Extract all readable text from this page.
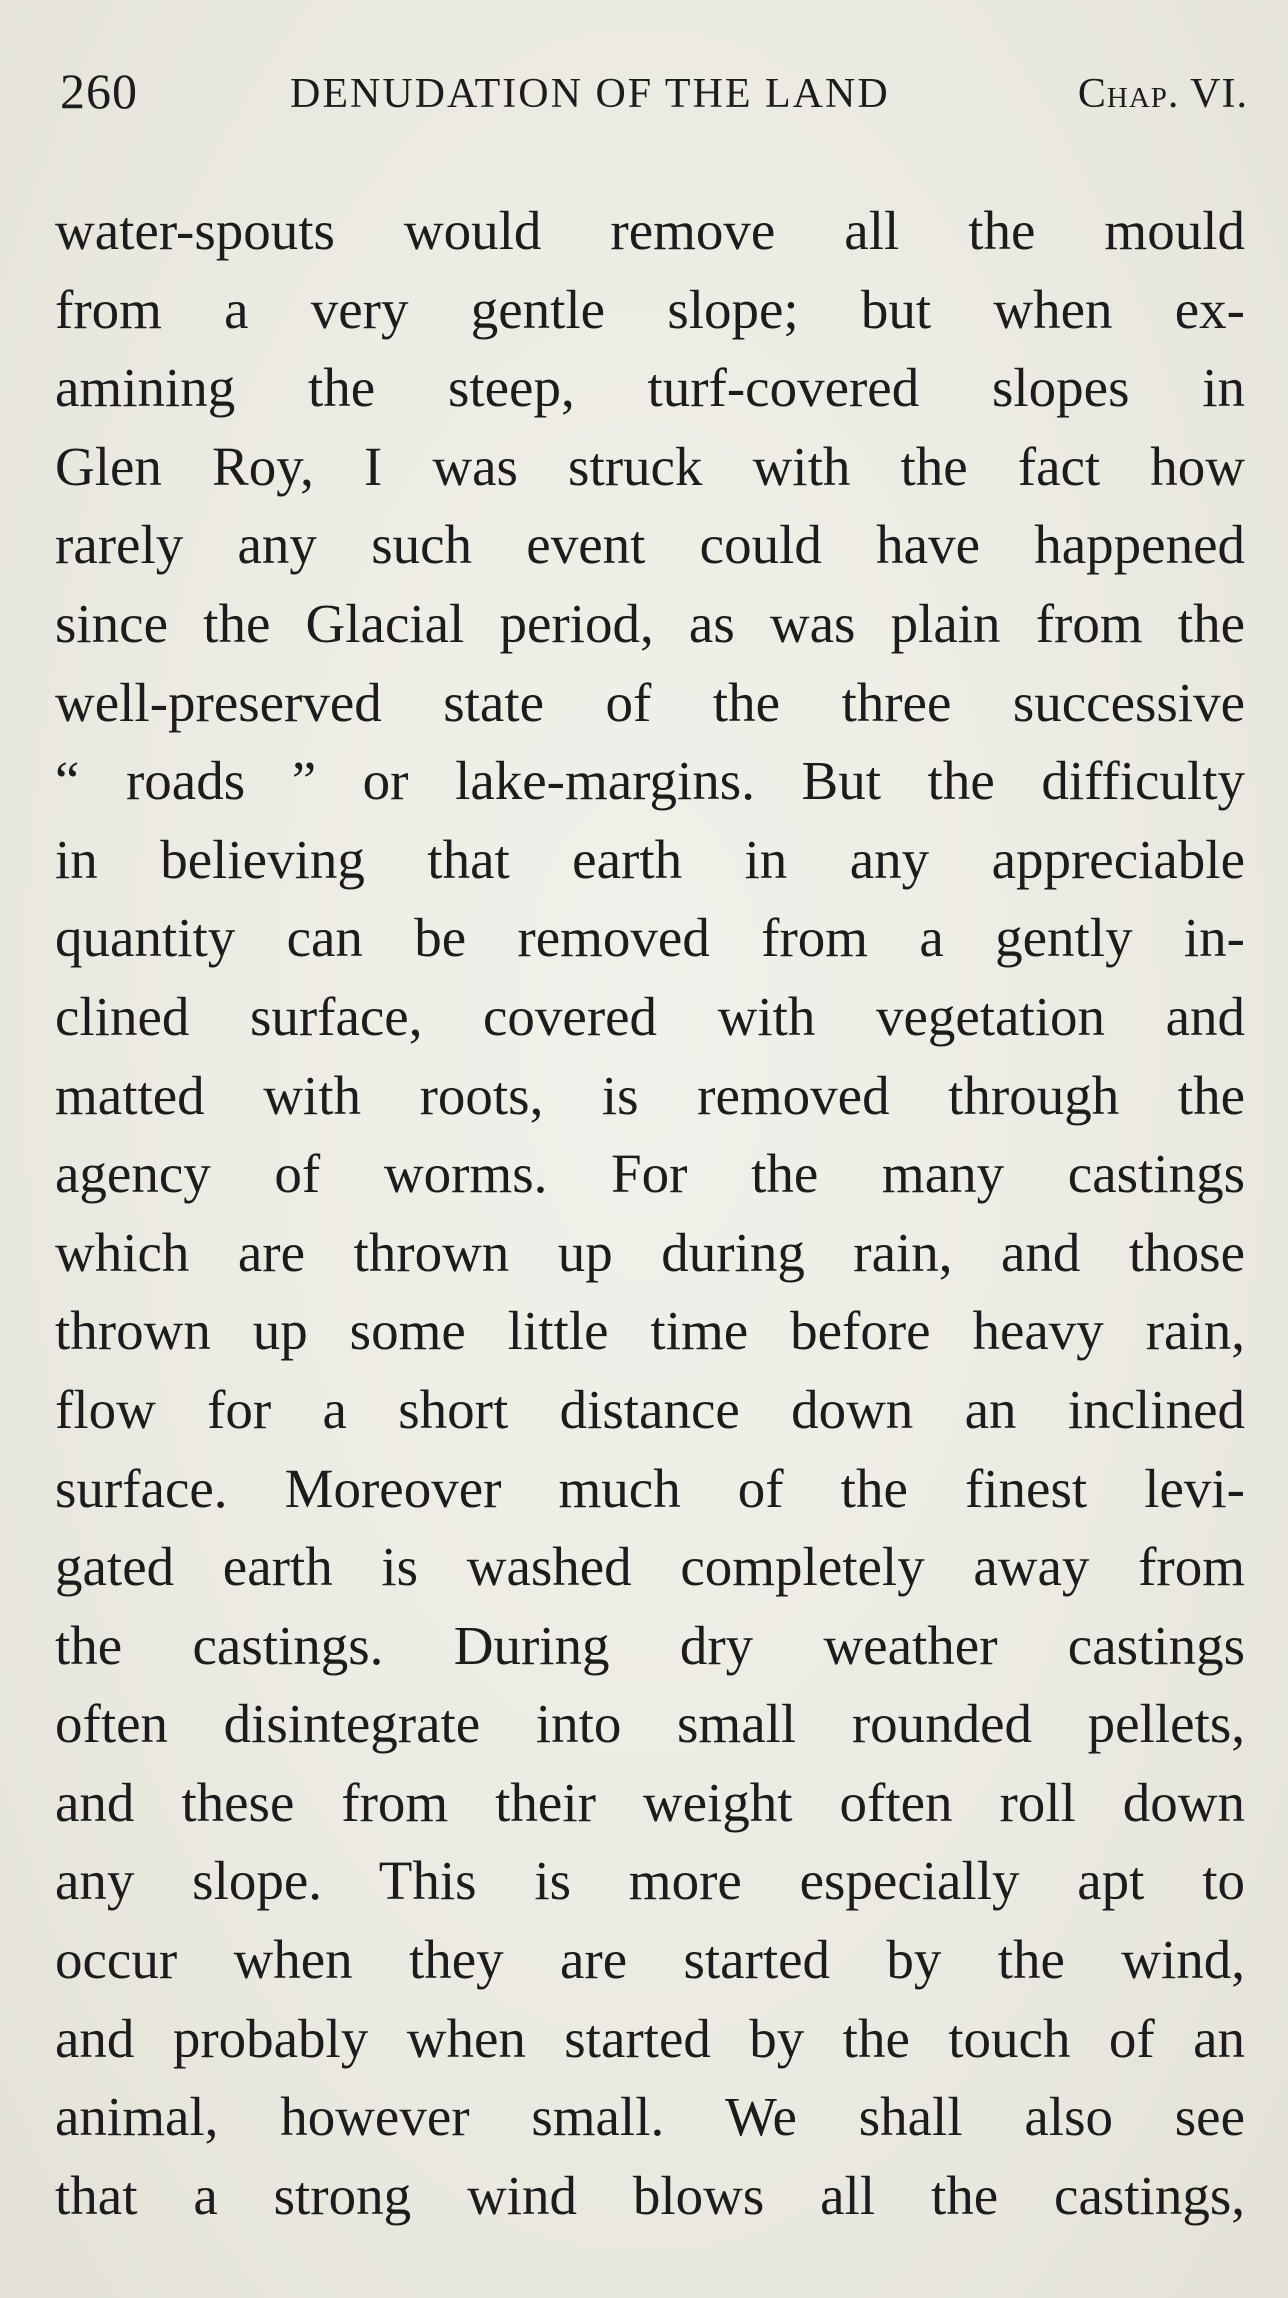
260	DENUDATION OF THE LAND	Chap. VI.
water-spouts would remove all the mould
from a very gentle slope; but when ex-
amining the steep, turf-covered slopes in
Glen Roy, I was struck with the fact how
rarely any such event could have happened
since the Glacial period, as was plain from the
well-preserved state of the three successive
“ roads ” or lake-margins. But the difficulty
in believing that earth in any appreciable
quantity can be removed from a gently in-
clined surface, covered with vegetation and
matted with roots, is removed through the
agency of worms. For the many castings
which are thrown up during rain, and those
thrown up some little time before heavy rain,
flow for a short distance down an inclined
surface. Moreover much of the finest levi-
gated earth is washed completely away from
the castings. During dry weather castings
often disintegrate into small rounded pellets,
and these from their weight often roll down
any slope. This is more especially apt to
occur when they are started by the wind,
and probably when started by the touch of an
animal, however small. We shall also see
that a strong wind blows all the castings,
